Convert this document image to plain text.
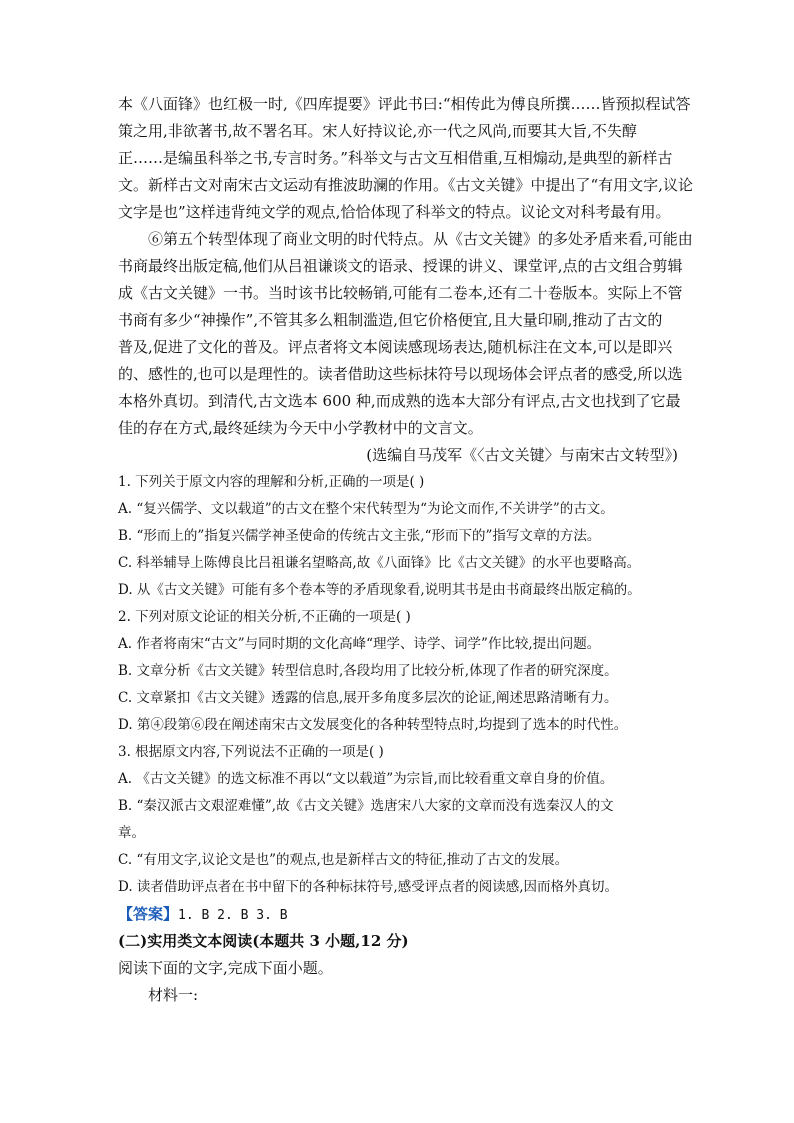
本《八面锋》也红极一时,《四库提要》评此书曰:“相传此为傅良所撰……皆预拟程试答
策之用,非欲著书,故不署名耳。宋人好持议论,亦一代之风尚,而要其大旨,不失醇
正……是编虽科举之书,专言时务。”科举文与古文互相借重,互相煽动,是典型的新样古
文。新样古文对南宋古文运动有推波助澜的作用。《古文关键》中提出了“有用文字,议论
文字是也”这样违背纯文学的观点,恰恰体现了科举文的特点。议论文对科考最有用。
⑥第五个转型体现了商业文明的时代特点。从《古文关键》的多处矛盾来看,可能由
书商最终出版定稿,他们从吕祖谦谈文的语录、授课的讲义、课堂评,点的古文组合剪辑
成《古文关键》一书。当时该书比较畅销,可能有二卷本,还有二十卷版本。实际上不管
书商有多少“神操作”,不管其多么粗制滥造,但它价格便宜,且大量印刷,推动了古文的
普及,促进了文化的普及。评点者将文本阅读感现场表达,随机标注在文本,可以是即兴
的、感性的,也可以是理性的。读者借助这些标抹符号以现场体会评点者的感受,所以选
本格外真切。到清代,古文选本 600 种,而成熟的选本大部分有评点,古文也找到了它最
佳的存在方式,最终延续为今天中小学教材中的文言文。
(选编自马茂军《〈古文关键〉与南宋古文转型》)
1. 下列关于原文内容的理解和分析,正确的一项是( )
A. “复兴儒学、文以载道”的古文在整个宋代转型为“为论文而作,不关讲学”的古文。
B. “形而上的”指复兴儒学神圣使命的传统古文主张,“形而下的”指写文章的方法。
C. 科举辅导上陈傅良比吕祖谦名望略高,故《八面锋》比《古文关键》的水平也要略高。
D. 从《古文关键》可能有多个卷本等的矛盾现象看,说明其书是由书商最终出版定稿的。
2. 下列对原文论证的相关分析,不正确的一项是( )
A. 作者将南宋“古文”与同时期的文化高峰“理学、诗学、词学”作比较,提出问题。
B. 文章分析《古文关键》转型信息时,各段均用了比较分析,体现了作者的研究深度。
C. 文章紧扣《古文关键》透露的信息,展开多角度多层次的论证,阐述思路清晰有力。
D. 第④段第⑥段在阐述南宋古文发展变化的各种转型特点时,均提到了选本的时代性。
3. 根据原文内容,下列说法不正确的一项是( )
A. 《古文关键》的选文标准不再以“文以载道”为宗旨,而比较看重文章自身的价值。
B. “秦汉派古文艰涩难懂”,故《古文关键》选唐宋八大家的文章而没有选秦汉人的文
章。
C. “有用文字,议论文是也”的观点,也是新样古文的特征,推动了古文的发展。
D. 读者借助评点者在书中留下的各种标抹符号,感受评点者的阅读感,因而格外真切。
【答案】1. B 2. B 3. B
(二)实用类文本阅读(本题共 3 小题,12 分)
阅读下面的文字,完成下面小题。
材料一:
